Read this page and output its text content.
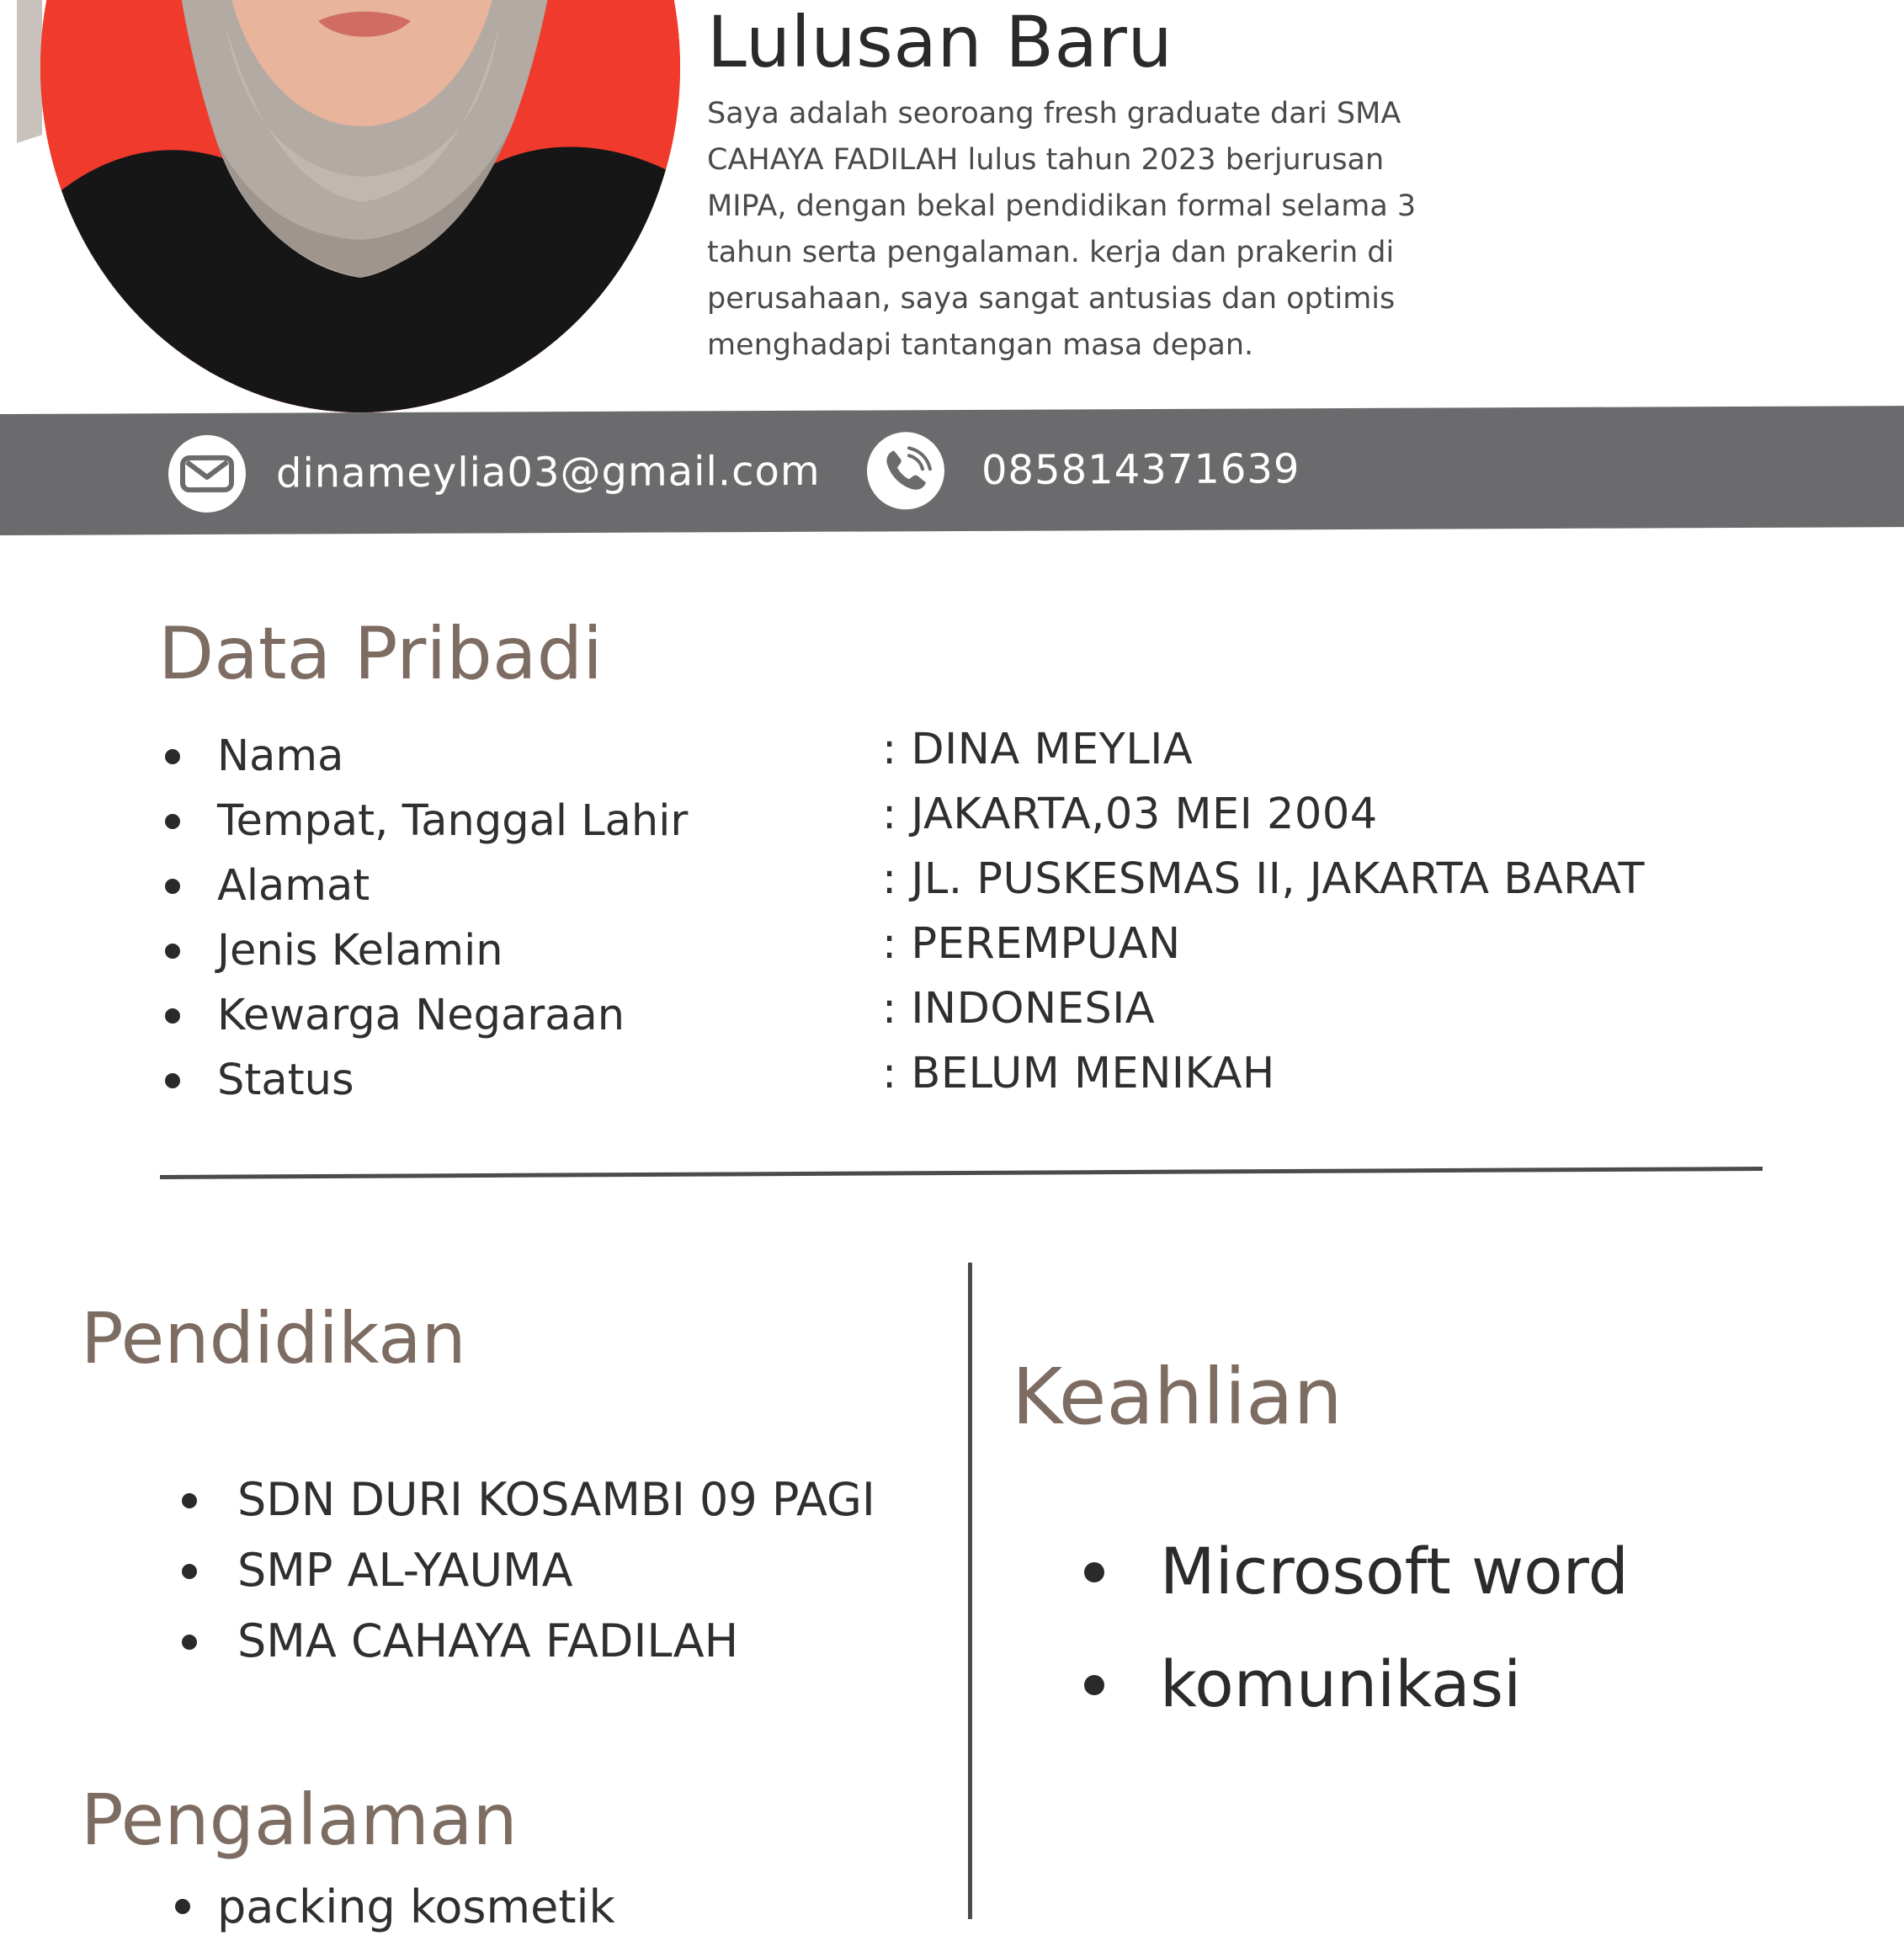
Lulusan Baru
Saya adalah seoroang fresh graduate dari SMA CAHAYA FADILAH lulus tahun 2023 berjurusan MIPA, dengan bekal pendidikan formal selama 3 tahun serta pengalaman. kerja dan prakerin di perusahaan, saya sangat antusias dan optimis menghadapi tantangan masa depan.
dinameylia03@gmail.com	085814371639
Data Pribadi
Nama	: DINA MEYLIA
Tempat, Tanggal Lahir	: JAKARTA,03 MEI 2004
Alamat	: JL. PUSKESMAS II, JAKARTA BARAT
Jenis Kelamin	: PEREMPUAN
Kewarga Negaraan	: INDONESIA
Status	: BELUM MENIKAH
Pendidikan
SDN DURI KOSAMBI 09 PAGI
SMP AL-YAUMA
SMA CAHAYA FADILAH
Keahlian
Microsoft word
komunikasi
Pengalaman
packing kosmetik
